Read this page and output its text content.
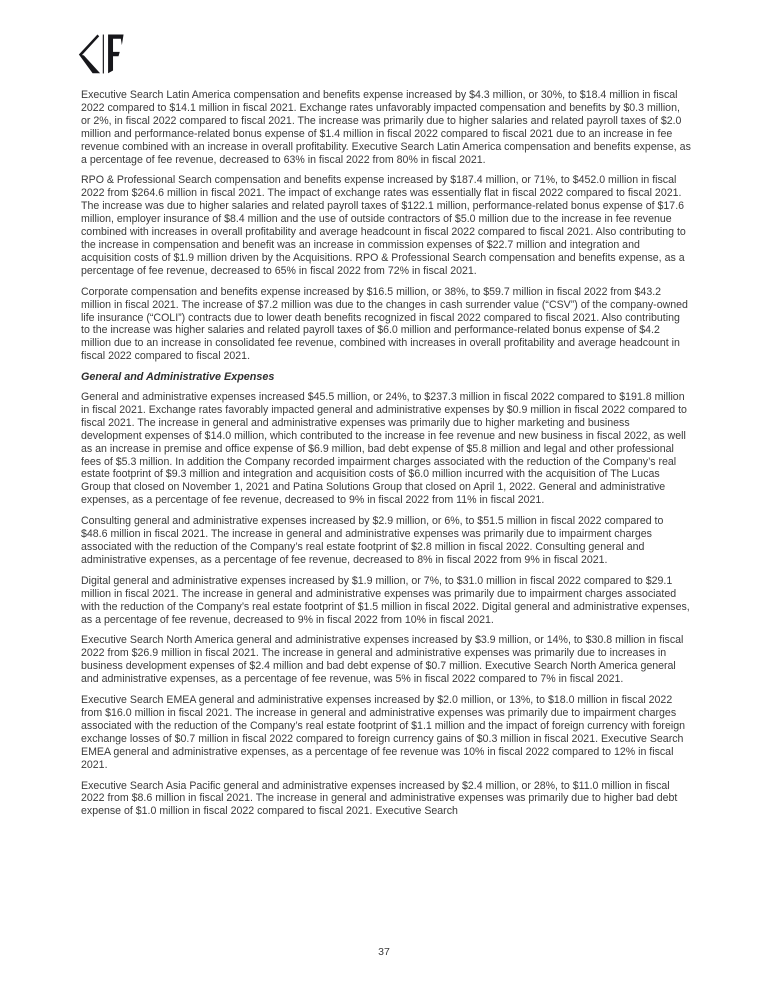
Executive Search Latin America compensation and benefits expense increased by $4.3 million, or 30%, to $18.4 million in fiscal 2022 compared to $14.1 million in fiscal 2021. Exchange rates unfavorably impacted compensation and benefits by $0.3 million, or 2%, in fiscal 2022 compared to fiscal 2021. The increase was primarily due to higher salaries and related payroll taxes of $2.0 million and performance-related bonus expense of $1.4 million in fiscal 2022 compared to fiscal 2021 due to an increase in fee revenue combined with an increase in overall profitability. Executive Search Latin America compensation and benefits expense, as a percentage of fee revenue, decreased to 63% in fiscal 2022 from 80% in fiscal 2021.

RPO & Professional Search compensation and benefits expense increased by $187.4 million, or 71%, to $452.0 million in fiscal 2022 from $264.6 million in fiscal 2021. The impact of exchange rates was essentially flat in fiscal 2022 compared to fiscal 2021. The increase was due to higher salaries and related payroll taxes of $122.1 million, performance-related bonus expense of $17.6 million, employer insurance of $8.4 million and the use of outside contractors of $5.0 million due to the increase in fee revenue combined with increases in overall profitability and average headcount in fiscal 2022 compared to fiscal 2021. Also contributing to the increase in compensation and benefit was an increase in commission expenses of $22.7 million and integration and acquisition costs of $1.9 million driven by the Acquisitions. RPO & Professional Search compensation and benefits expense, as a percentage of fee revenue, decreased to 65% in fiscal 2022 from 72% in fiscal 2021.

Corporate compensation and benefits expense increased by $16.5 million, or 38%, to $59.7 million in fiscal 2022 from $43.2 million in fiscal 2021. The increase of $7.2 million was due to the changes in cash surrender value (“CSV”) of the company-owned life insurance (“COLI”) contracts due to lower death benefits recognized in fiscal 2022 compared to fiscal 2021. Also contributing to the increase was higher salaries and related payroll taxes of $6.0 million and performance-related bonus expense of $4.2 million due to an increase in consolidated fee revenue, combined with increases in overall profitability and average headcount in fiscal 2022 compared to fiscal 2021.

General and Administrative Expenses

General and administrative expenses increased $45.5 million, or 24%, to $237.3 million in fiscal 2022 compared to $191.8 million in fiscal 2021. Exchange rates favorably impacted general and administrative expenses by $0.9 million in fiscal 2022 compared to fiscal 2021. The increase in general and administrative expenses was primarily due to higher marketing and business development expenses of $14.0 million, which contributed to the increase in fee revenue and new business in fiscal 2022, as well as an increase in premise and office expense of $6.9 million, bad debt expense of $5.8 million and legal and other professional fees of $5.3 million. In addition the Company recorded impairment charges associated with the reduction of the Company’s real estate footprint of $9.3 million and integration and acquisition costs of $6.0 million incurred with the acquisition of The Lucas Group that closed on November 1, 2021 and Patina Solutions Group that closed on April 1, 2022. General and administrative expenses, as a percentage of fee revenue, decreased to 9% in fiscal 2022 from 11% in fiscal 2021.

Consulting general and administrative expenses increased by $2.9 million, or 6%, to $51.5 million in fiscal 2022 compared to $48.6 million in fiscal 2021. The increase in general and administrative expenses was primarily due to impairment charges associated with the reduction of the Company’s real estate footprint of $2.8 million in fiscal 2022. Consulting general and administrative expenses, as a percentage of fee revenue, decreased to 8% in fiscal 2022 from 9% in fiscal 2021.

Digital general and administrative expenses increased by $1.9 million, or 7%, to $31.0 million in fiscal 2022 compared to $29.1 million in fiscal 2021. The increase in general and administrative expenses was primarily due to impairment charges associated with the reduction of the Company’s real estate footprint of $1.5 million in fiscal 2022. Digital general and administrative expenses, as a percentage of fee revenue, decreased to 9% in fiscal 2022 from 10% in fiscal 2021.

Executive Search North America general and administrative expenses increased by $3.9 million, or 14%, to $30.8 million in fiscal 2022 from $26.9 million in fiscal 2021. The increase in general and administrative expenses was primarily due to increases in business development expenses of $2.4 million and bad debt expense of $0.7 million. Executive Search North America general and administrative expenses, as a percentage of fee revenue, was 5% in fiscal 2022 compared to 7% in fiscal 2021.

Executive Search EMEA general and administrative expenses increased by $2.0 million, or 13%, to $18.0 million in fiscal 2022 from $16.0 million in fiscal 2021. The increase in general and administrative expenses was primarily due to impairment charges associated with the reduction of the Company’s real estate footprint of $1.1 million and the impact of foreign currency with foreign exchange losses of $0.7 million in fiscal 2022 compared to foreign currency gains of $0.3 million in fiscal 2021. Executive Search EMEA general and administrative expenses, as a percentage of fee revenue was 10% in fiscal 2022 compared to 12% in fiscal 2021.

Executive Search Asia Pacific general and administrative expenses increased by $2.4 million, or 28%, to $11.0 million in fiscal 2022 from $8.6 million in fiscal 2021. The increase in general and administrative expenses was primarily due to higher bad debt expense of $1.0 million in fiscal 2022 compared to fiscal 2021. Executive Search

37
